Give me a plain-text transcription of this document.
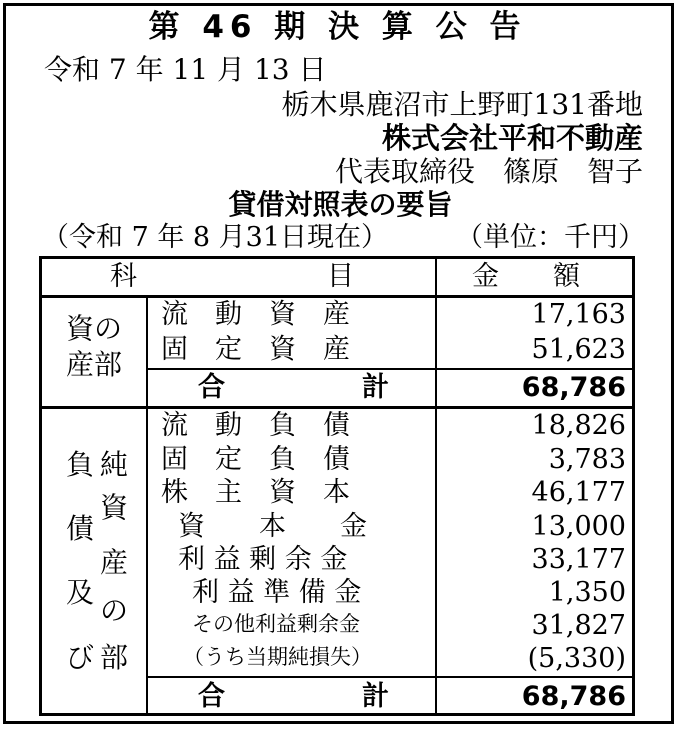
第 46 期 決 算 公 告
令和 7 年 11 月 13 日
栃木県鹿沼市上野町131番地
株式会社平和不動産
代表取締役　篠原　智子
貸借対照表の要旨
（令和 7 年 8 月31日現在）	（単位：千円）
科	目	金　　額
資の
産部
流　動　資　産	17,163
固　定　資　産	51,623
合	計	68,786
負
債
及
び
純
資
産
の
部
流　動　負　債	18,826
固　定　負　債	3,783
株　主　資　本	46,177
資　　本　　金	13,000
利 益 剰 余 金	33,177
利 益 準 備 金	1,350
その他利益剰余金	31,827
（うち当期純損失）	(5,330)
合	計	68,786
